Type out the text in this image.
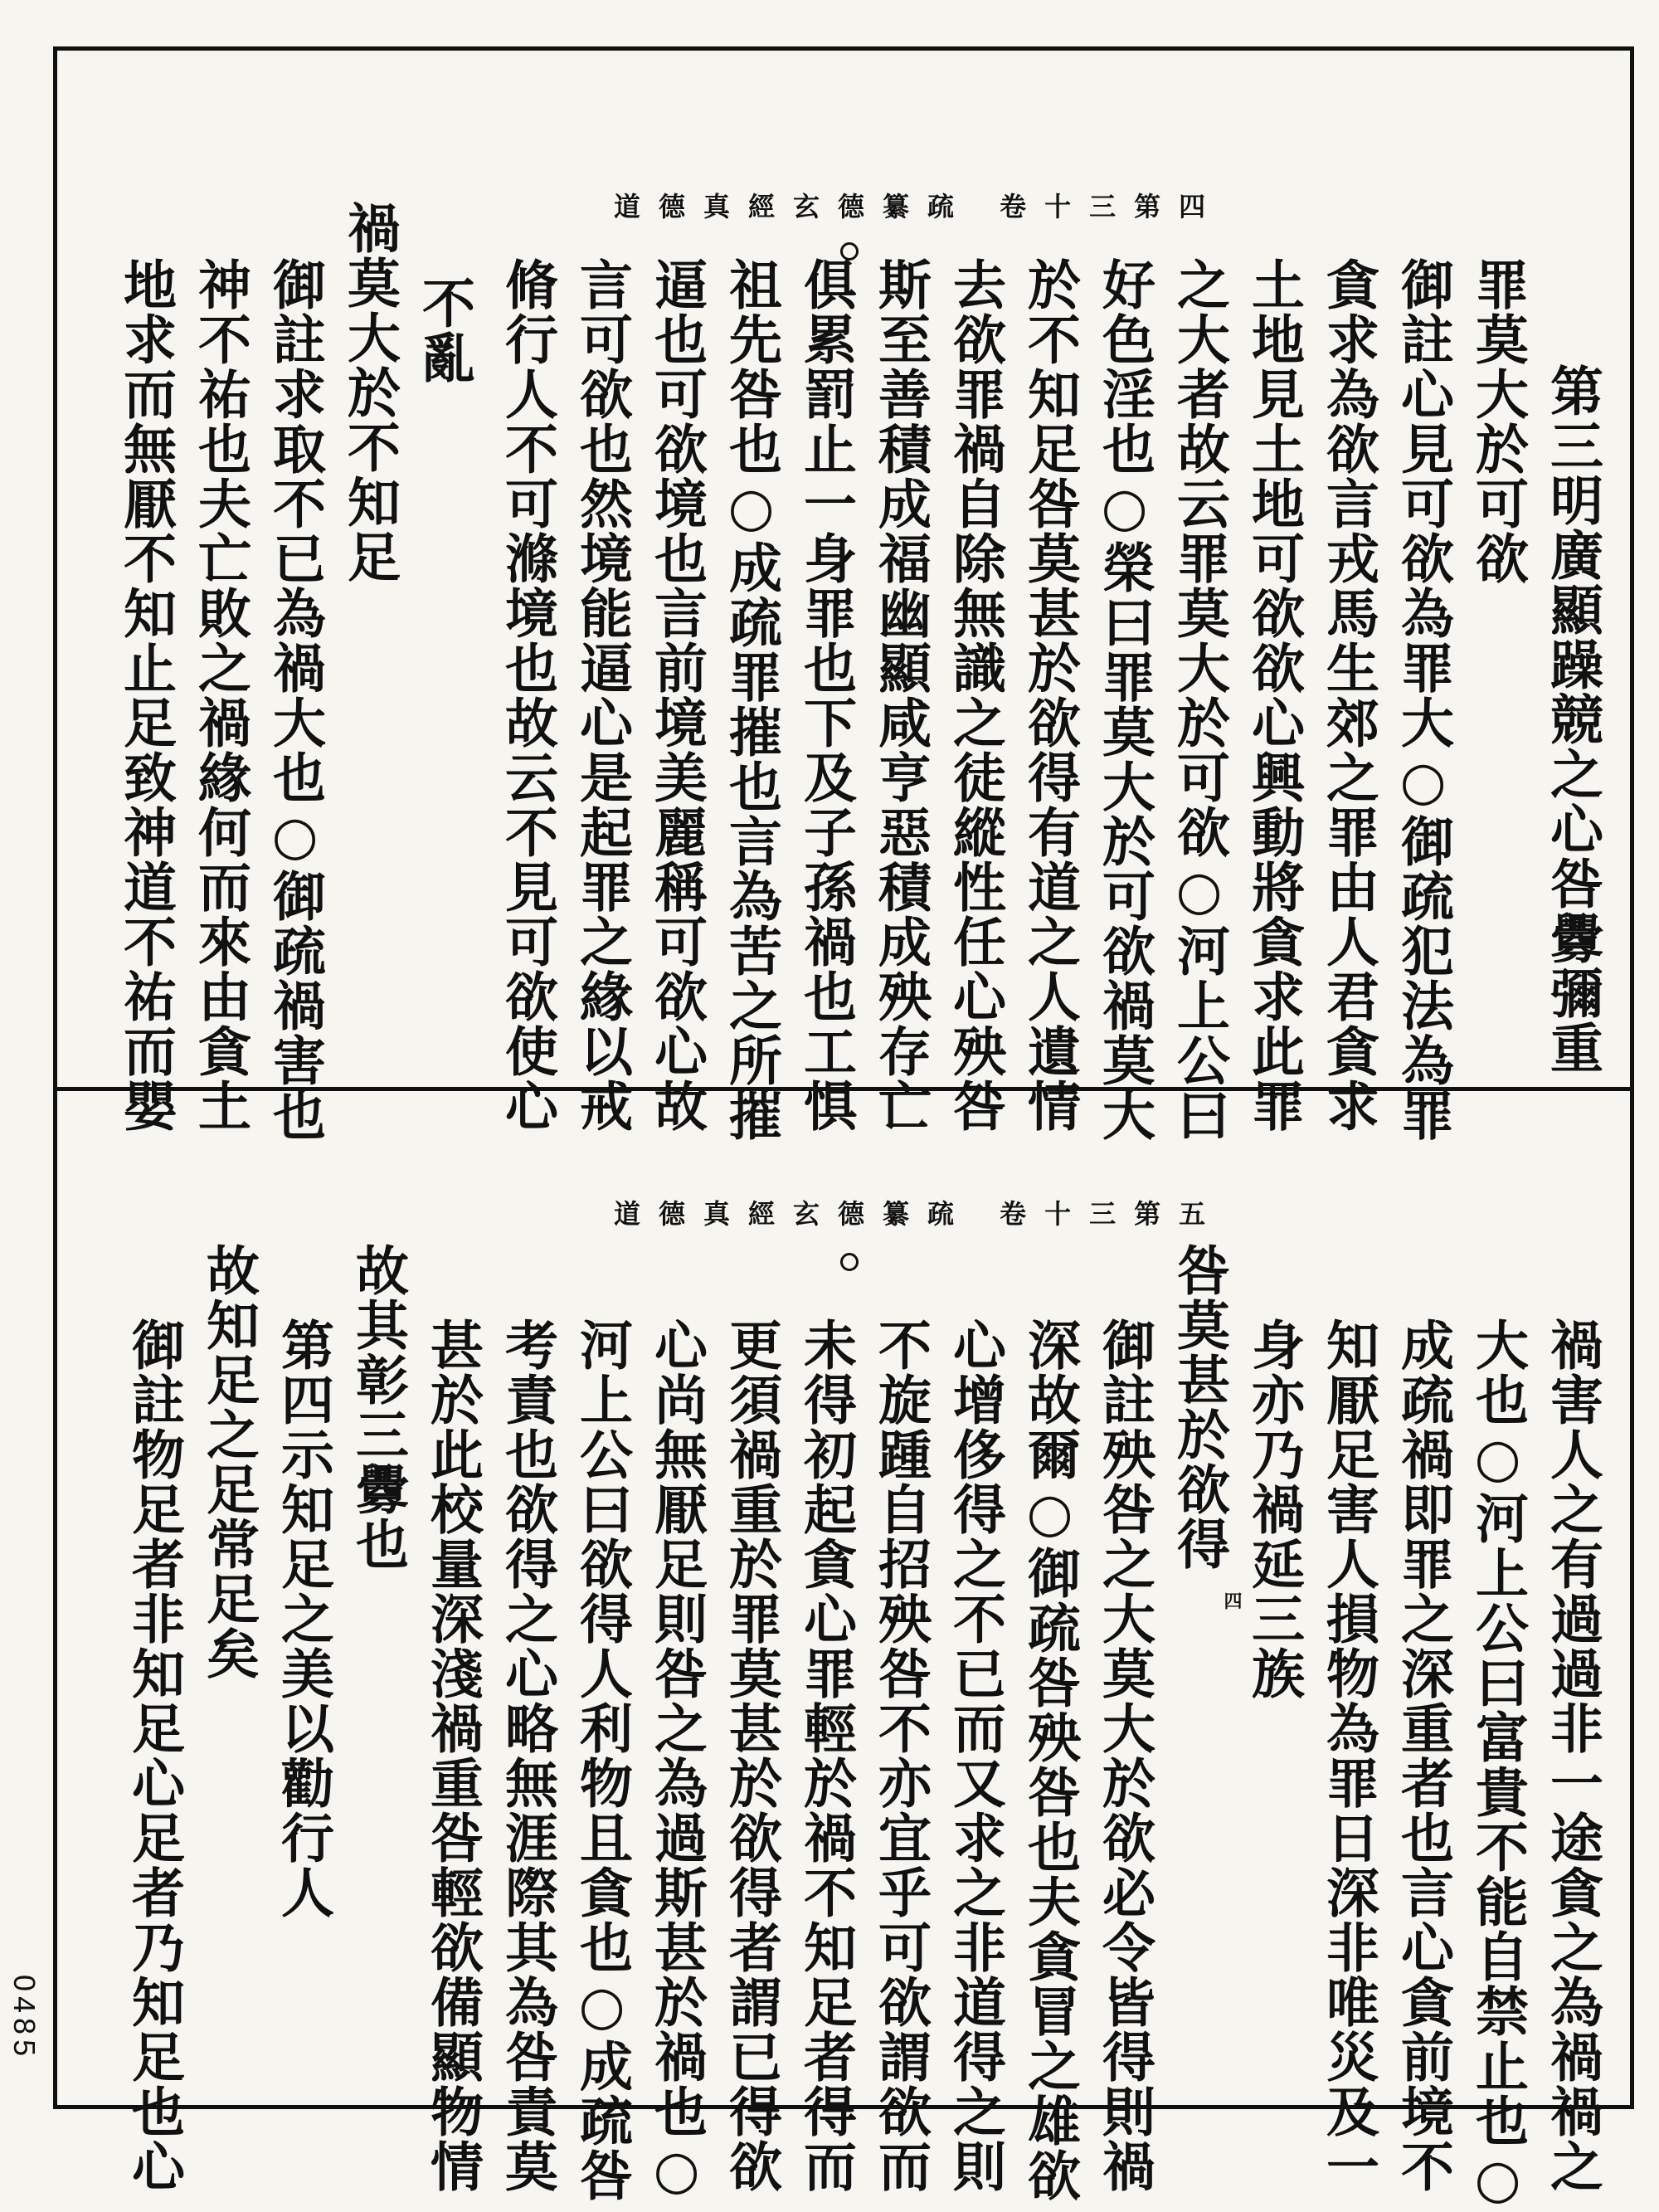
道德真經玄德纂疏 卷十三第四
第三明廣顯躁競之心咎釁彌重
罪莫大於可欲
御註心見可欲為罪大○御疏犯法為罪
貪求為欲言戎馬生郊之罪由人君貪求
土地見土地可欲欲心興動將貪求此罪
之大者故云罪莫大於可欲○河上公曰
好色淫也○榮曰罪莫大於可欲禍莫大
於不知足咎莫甚於欲得有道之人遺情
去欲罪禍自除無識之徒縱性任心殃咎
斯至善積成福幽顯咸亨惡積成殃存亡
俱累罰止一身罪也下及子孫禍也工惧
祖先咎也○成疏罪摧也言為苦之所摧
逼也可欲境也言前境美麗稱可欲心故
言可欲也然境能逼心是起罪之緣以戒
脩行人不可滌境也故云不見可欲使心
不亂
禍莫大於不知足
御註求取不已為禍大也○御疏禍害也
神不祐也夫亡敗之禍緣何而來由貪土
地求而無厭不知止足致神道不祐而嬰
道德真經玄德纂疏 卷十三第五
四	禍害人之有過過非一途貪之為禍禍之
大也○河上公曰富貴不能自禁止也○
成疏禍即罪之深重者也言心貪前境不
知厭足害人損物為罪日深非唯災及一
身亦乃禍延三族
咎莫甚於欲得
御註殃咎之大莫大於欲必令皆得則禍
深故爾○御疏咎殃咎也夫貪冒之雄欲
心增侈得之不已而又求之非道得之則
不旋踵自招殃咎不亦宜乎可欲謂欲而
未得初起貪心罪輕於禍不知足者得而
更須禍重於罪莫甚於欲得者謂已得欲
心尚無厭足則咎之為過斯甚於禍也○
河上公曰欲得人利物且貪也○成疏咎
考責也欲得之心略無涯際其為咎責莫
甚於此校量深淺禍重咎輕欲備顯物情
故其彰三釁也
第四示知足之美以勸行人
故知足之足常足矣
御註物足者非知足心足者乃知足也心
0485
